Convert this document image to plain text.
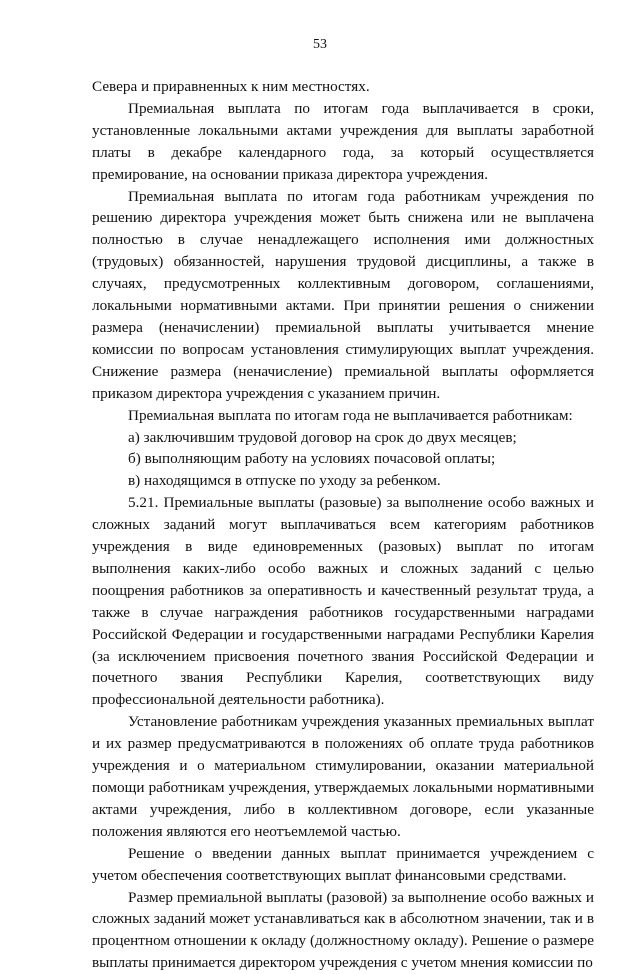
53

Севера и приравненных к ним местностях.

Премиальная выплата по итогам года выплачивается в сроки, установленные локальными актами учреждения для выплаты заработной платы в декабре календарного года, за который осуществляется премирование, на основании приказа директора учреждения.

Премиальная выплата по итогам года работникам учреждения по решению директора учреждения может быть снижена или не выплачена полностью в случае ненадлежащего исполнения ими должностных (трудовых) обязанностей, нарушения трудовой дисциплины, а также в случаях, предусмотренных коллективным договором, соглашениями, локальными нормативными актами. При принятии решения о снижении размера (неначислении) премиальной выплаты учитывается мнение комиссии по вопросам установления стимулирующих выплат учреждения. Снижение размера (неначисление) премиальной выплаты оформляется приказом директора учреждения с указанием причин.

Премиальная выплата по итогам года не выплачивается работникам:

а) заключившим трудовой договор на срок до двух месяцев;

б) выполняющим работу на условиях почасовой оплаты;

в) находящимся в отпуске по уходу за ребенком.

5.21. Премиальные выплаты (разовые) за выполнение особо важных и сложных заданий могут выплачиваться всем категориям работников учреждения в виде единовременных (разовых) выплат по итогам выполнения каких-либо особо важных и сложных заданий с целью поощрения работников за оперативность и качественный результат труда, а также в случае награждения работников государственными наградами Российской Федерации и государственными наградами Республики Карелия (за исключением присвоения почетного звания Российской Федерации и почетного звания Республики Карелия, соответствующих виду профессиональной деятельности работника).

Установление работникам учреждения указанных премиальных выплат и их размер предусматриваются в положениях об оплате труда работников учреждения и о материальном стимулировании, оказании материальной помощи работникам учреждения, утверждаемых локальными нормативными актами учреждения, либо в коллективном договоре, если указанные положения являются его неотъемлемой частью.

Решение о введении данных выплат принимается учреждением с учетом обеспечения соответствующих выплат финансовыми средствами.

Размер премиальной выплаты (разовой) за выполнение особо важных и сложных заданий может устанавливаться как в абсолютном значении, так и в процентном отношении к окладу (должностному окладу). Решение о размере выплаты принимается директором учреждения с учетом мнения комиссии по
